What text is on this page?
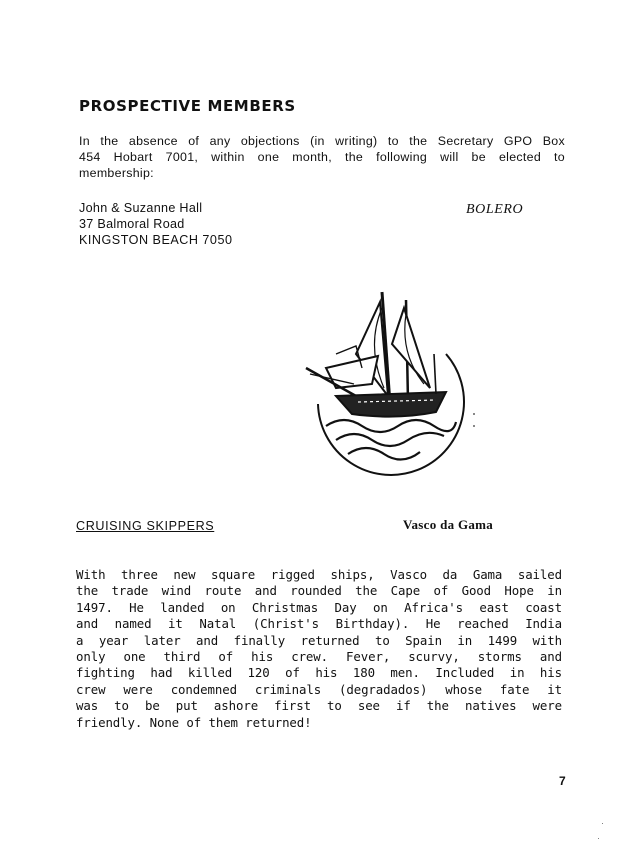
PROSPECTIVE MEMBERS
In the absence of any objections (in writing) to the Secretary GPO Box
454 Hobart 7001, within one month, the following will be elected to
membership:
John & Suzanne Hall
37 Balmoral Road
KINGSTON BEACH 7050
BOLERO
CRUISING SKIPPERS	Vasco da Gama
With three new square rigged ships, Vasco da Gama sailed
the trade wind route and rounded the Cape of Good Hope in
1497. He landed on Christmas Day on Africa's east coast
and named it Natal (Christ's Birthday). He reached India
a year later and finally returned to Spain in 1499 with
only one third of his crew. Fever, scurvy, storms and
fighting had killed 120 of his 180 men. Included in his
crew were condemned criminals (degradados) whose fate it
was to be put ashore first to see if the natives were
friendly. None of them returned!
7
